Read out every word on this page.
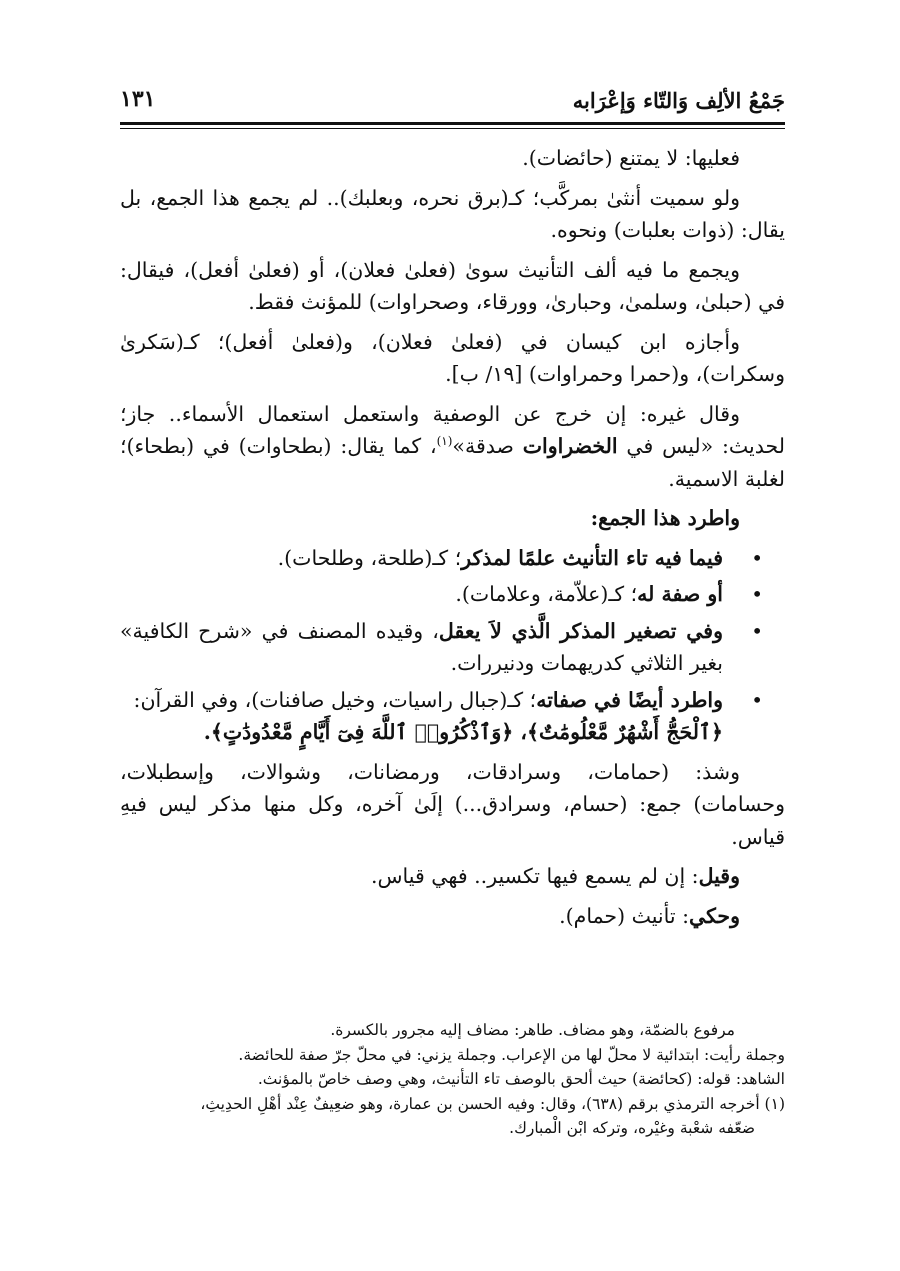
جَمْعُ الألِف وَالتّاء وَإعْرَابه
١٣١

فعليها: لا يمتنع (حائضات).

ولو سميت أنثىٰ بمركَّب؛ كـ(برق نحره، وبعلبك).. لم يجمع هذا الجمع، بل يقال: (ذوات بعلبات) ونحوه.

ويجمع ما فيه ألف التأنيث سوىٰ (فعلىٰ فعلان)، أو (فعلىٰ أفعل)، فيقال: في (حبلىٰ، وسلمىٰ، وحبارىٰ، وورقاء، وصحراوات) للمؤنث فقط.

وأجازه ابن كيسان في (فعلىٰ فعلان)، و(فعلىٰ أفعل)؛ كـ(سَكرىٰ وسكرات)، و(حمرا وحمراوات) [١٩/ ب].

وقال غيره: إن خرج عن الوصفية واستعمل استعمال الأسماء.. جاز؛ لحديث: «ليس في الخضراوات صدقة»$^{(١)}$، كما يقال: (بطحاوات) في (بطحاء)؛ لغلبة الاسمية.

واطرد هذا الجمع:

• فيما فيه تاء التأنيث علمًا لمذكر؛ كـ(طلحة، وطلحات).
• أو صفة له؛ كـ(علاّمة، وعلامات).
• وفي تصغير المذكر الَّذي لاَ يعقل، وقيده المصنف في «شرح الكافية» بغير الثلاثي كدريهمات ودنيررات.
• واطرد أيضًا في صفاته؛ كـ(جبال راسيات، وخيل صافنات)، وفي القرآن:
﴿ٱلْحَجُّ أَشْهُرٌ مَّعْلُومَٰتٌ﴾، ﴿وَٱذْكُرُوا۟ ٱللَّهَ فِىٓ أَيَّامٍ مَّعْدُودَٰتٍ﴾.

وشذ: (حمامات، وسرادقات، ورمضانات، وشوالات، وإسطبلات، وحسامات) جمع: (حسام، وسرادق...) إلَىٰ آخره، وكل منها مذكر ليس فيهِ قياس.

وقيل: إن لم يسمع فيها تكسير.. فهي قياس.

وحكي: تأنيث (حمام).

مرفوع بالضمّة، وهو مضاف. طاهر: مضاف إليه مجرور بالكسرة.

وجملة رأيت: ابتدائية لا محلّ لها من الإعراب. وجملة يزني: في محلّ جرّ صفة للحائضة.

الشاهد: قوله: (كحائضة) حيث ألحق بالوصف تاء التأنيث، وهي وصف خاصّ بالمؤنث.

(١) أخرجه الترمذي برقم (٦٣٨)، وقال: وفيه الحسن بن عمارة، وهو ضعِيفٌ عِنْد أهْلِ الحدِيثِ،

ضعّفه شعْبة وغيْره، وتركه ابْن الْمبارك.
